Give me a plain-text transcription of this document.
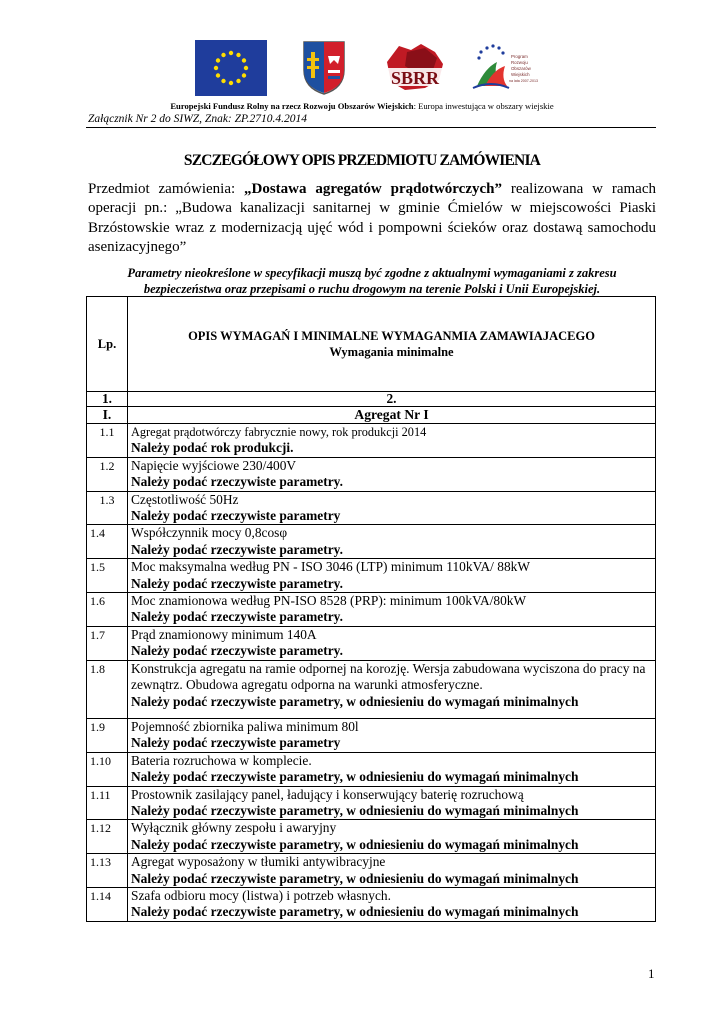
SBRR
Program
Rozwoju
Obszarów
Wiejskich
na lata 2007-2013
Europejski Fundusz Rolny na rzecz Rozwoju Obszarów Wiejskich: Europa inwestująca w obszary wiejskie
Załącznik Nr 2 do SIWZ, Znak: ZP.2710.4.2014
SZCZEGÓŁOWY OPIS PRZEDMIOTU ZAMÓWIENIA
Przedmiot zamówienia: „Dostawa agregatów prądotwórczych” realizowana w ramach operacji pn.: „Budowa kanalizacji sanitarnej w gminie Ćmielów w miejscowości Piaski Brzóstowskie wraz z modernizacją ujęć wód i pompowni ścieków oraz dostawą samochodu asenizacyjnego”
Parametry nieokreślone w specyfikacji muszą być zgodne z aktualnymi wymaganiami z zakresu bezpieczeństwa oraz przepisami o ruchu drogowym na terenie Polski i Unii Europejskiej.
Lp.	OPIS WYMAGAŃ I MINIMALNE WYMAGANMIA ZAMAWIAJACEGO
Wymagania minimalne
1.	2.
I.	Agregat Nr I
1.1	Agregat prądotwórczy fabrycznie nowy, rok produkcji 2014
Należy podać rok produkcji.

1.2	Napięcie wyjściowe 230/400V
Należy podać rzeczywiste parametry.

1.3	Częstotliwość 50Hz
Należy podać rzeczywiste parametry

1.4	Współczynnik mocy 0,8cosφ
Należy podać rzeczywiste parametry.

1.5	Moc maksymalna według PN - ISO 3046 (LTP) minimum 110kVA/ 88kW
Należy podać rzeczywiste parametry.

1.6	Moc znamionowa według PN-ISO 8528 (PRP): minimum 100kVA/80kW
Należy podać rzeczywiste parametry.

1.7	Prąd znamionowy minimum 140A
Należy podać rzeczywiste parametry.

1.8	Konstrukcja agregatu na ramie odpornej na korozję. Wersja zabudowana wyciszona do pracy na zewnątrz. Obudowa agregatu odporna na warunki atmosferyczne.
Należy podać rzeczywiste parametry, w odniesieniu do wymagań minimalnych

1.9	Pojemność zbiornika paliwa minimum 80l
Należy podać rzeczywiste parametry

1.10	Bateria rozruchowa w komplecie.
Należy podać rzeczywiste parametry, w odniesieniu do wymagań minimalnych

1.11	Prostownik zasilający panel, ładujący i konserwujący baterię rozruchową
Należy podać rzeczywiste parametry, w odniesieniu do wymagań minimalnych

1.12	Wyłącznik główny zespołu i awaryjny
Należy podać rzeczywiste parametry, w odniesieniu do wymagań minimalnych

1.13	Agregat wyposażony w tłumiki antywibracyjne
Należy podać rzeczywiste parametry, w odniesieniu do wymagań minimalnych

1.14	Szafa odbioru mocy (listwa) i potrzeb własnych.
Należy podać rzeczywiste parametry, w odniesieniu do wymagań minimalnych
1
